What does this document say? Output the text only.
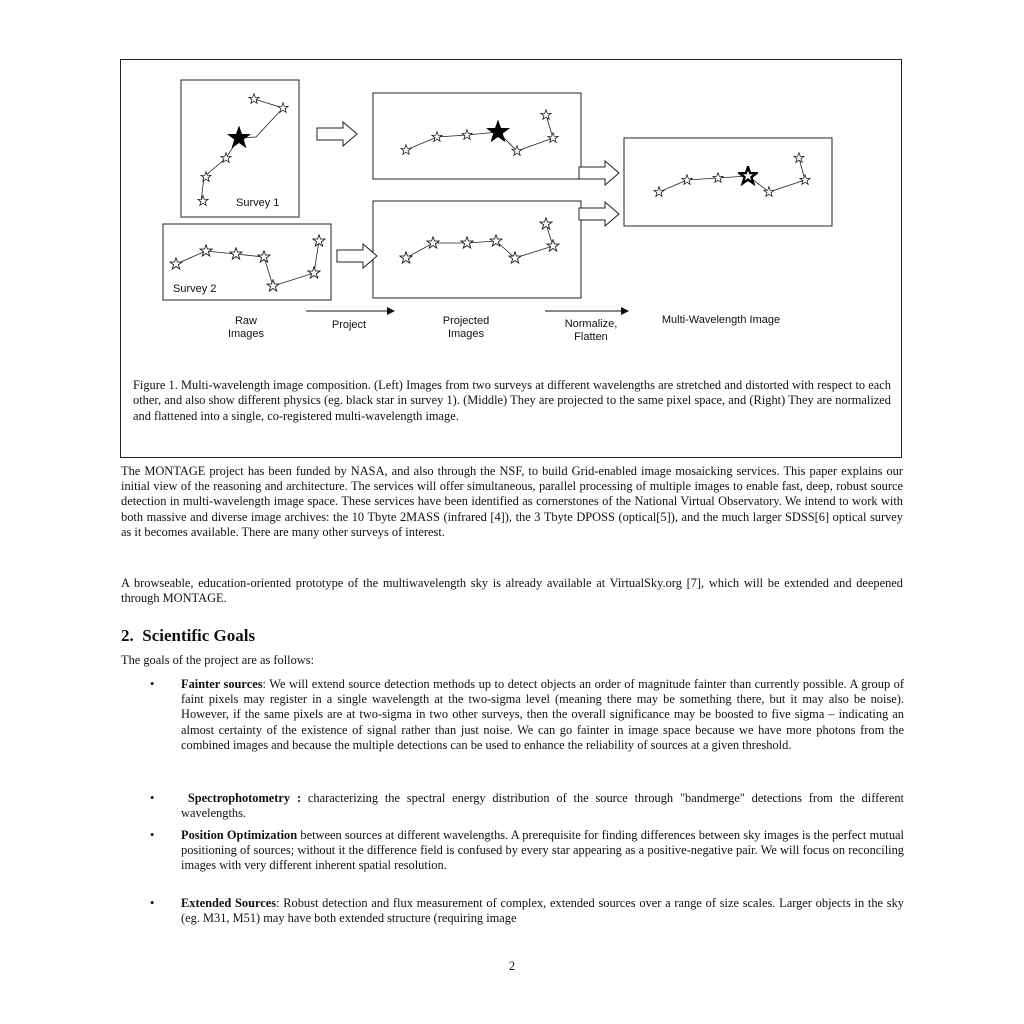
Survey 1
Survey 2
Raw
Images
Project	Projected
Images
Normalize,
Flatten
Multi-Wavelength Image
Figure 1. Multi-wavelength image composition. (Left) Images from two surveys at different wavelengths are stretched and distorted with respect to each other, and also show different physics (eg. black star in survey 1). (Middle) They are projected to the same pixel space, and (Right) They are normalized and flattened into a single, co-registered multi-wavelength image.

The MONTAGE project has been funded by NASA, and also through the NSF, to build Grid-enabled image mosaicking services. This paper explains our initial view of the reasoning and architecture. The services will offer simultaneous, parallel processing of multiple images to enable fast, deep, robust source detection in multi-wavelength image space. These services have been identified as cornerstones of the National Virtual Observatory. We intend to work with both massive and diverse image archives: the 10 Tbyte 2MASS (infrared [4]), the 3 Tbyte DPOSS (optical[5]), and the much larger SDSS[6] optical survey as it becomes available. There are many other surveys of interest.

A browseable, education-oriented prototype of the multiwavelength sky is already available at VirtualSky.org [7], which will be extended and deepened through MONTAGE.

2. Scientific Goals

The goals of the project are as follows:

•	Fainter sources: We will extend source detection methods up to detect objects an order of magnitude fainter than currently possible. A group of faint pixels may register in a single wavelength at the two-sigma level (meaning there may be something there, but it may also be noise). However, if the same pixels are at two-sigma in two other surveys, then the overall significance may be boosted to five sigma – indicating an almost certainty of the existence of signal rather than just noise. We can go fainter in image space because we have more photons from the combined images and because the multiple detections can be used to enhance the reliability of sources at a given threshold.
•	Spectrophotometry : characterizing the spectral energy distribution of the source through "bandmerge" detections from the different wavelengths.
•	Position Optimization between sources at different wavelengths. A prerequisite for finding differences between sky images is the perfect mutual positioning of sources; without it the difference field is confused by every star appearing as a positive-negative pair. We will focus on reconciling images with very different inherent spatial resolution.
•	Extended Sources: Robust detection and flux measurement of complex, extended sources over a range of size scales. Larger objects in the sky (eg. M31, M51) may have both extended structure (requiring image
2
